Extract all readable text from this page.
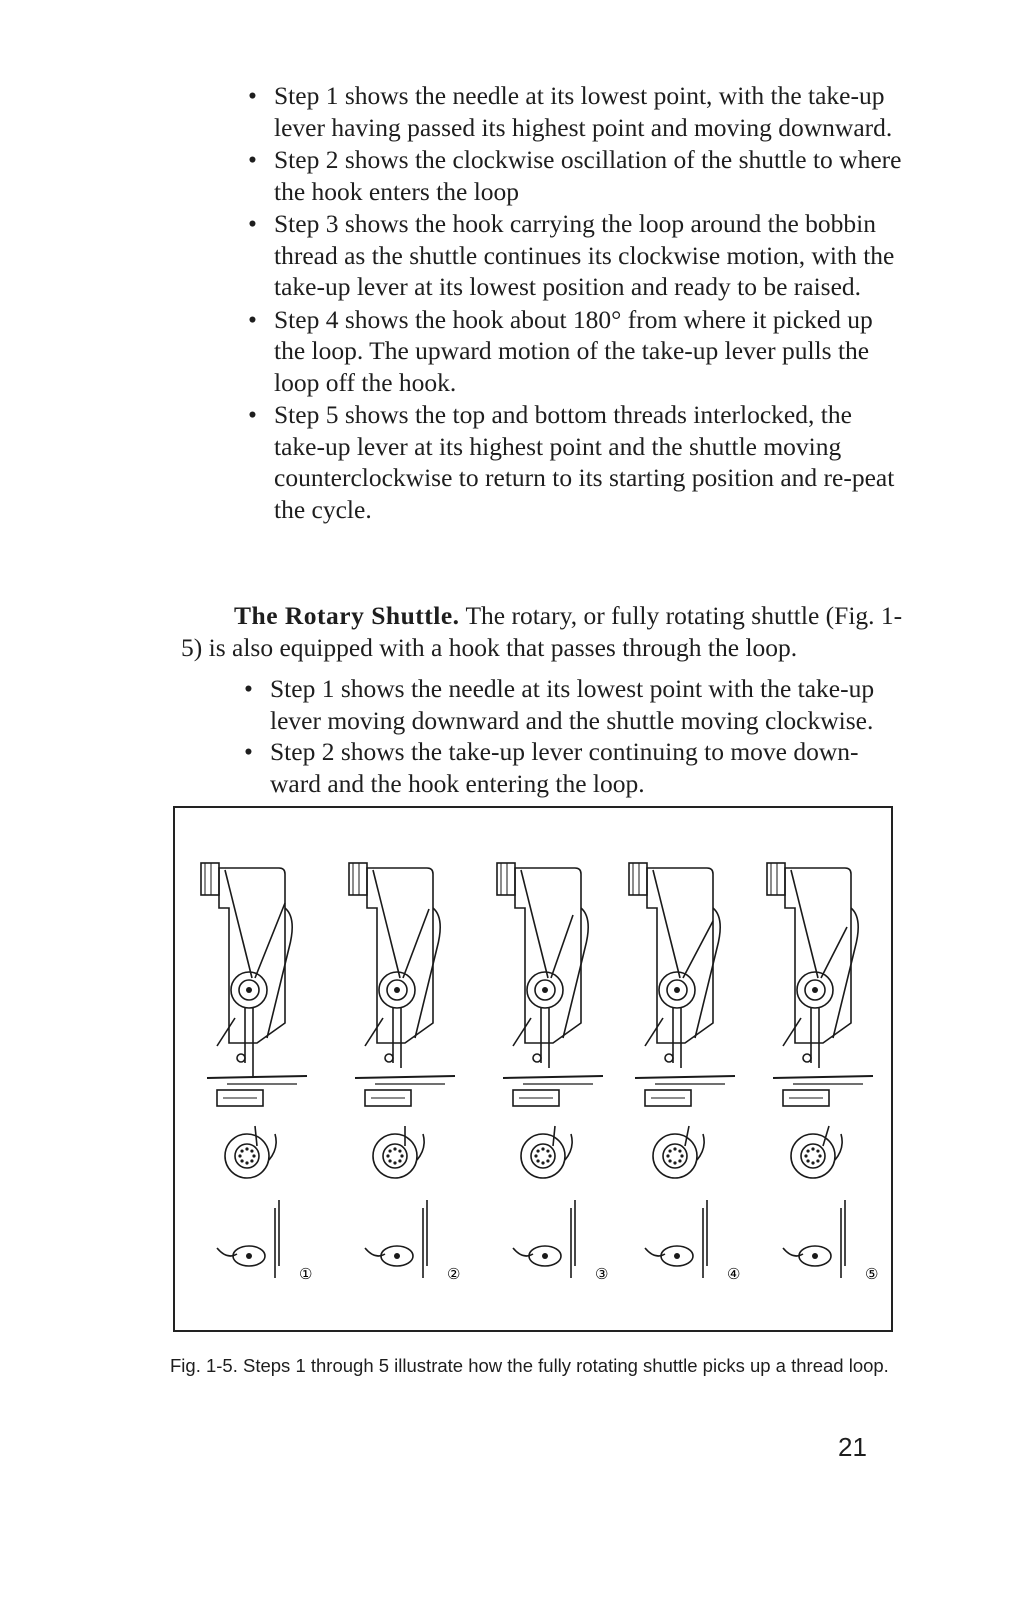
• Step 1 shows the needle at its lowest point, with the take-up lever having passed its highest point and moving downward.
• Step 2 shows the clockwise oscillation of the shuttle to where the hook enters the loop
• Step 3 shows the hook carrying the loop around the bobbin thread as the shuttle continues its clockwise motion, with the take-up lever at its lowest position and ready to be raised.
• Step 4 shows the hook about 180° from where it picked up the loop. The upward motion of the take-up lever pulls the loop off the hook.
• Step 5 shows the top and bottom threads interlocked, the take-up lever at its highest point and the shuttle moving counterclockwise to return to its starting position and re-peat the cycle.

The Rotary Shuttle. The rotary, or fully rotating shuttle (Fig. 1-5) is also equipped with a hook that passes through the loop.

• Step 1 shows the needle at its lowest point with the take-up lever moving downward and the shuttle moving clockwise.
• Step 2 shows the take-up lever continuing to move down-ward and the hook entering the loop.
①	②	③	④	⑤

Fig. 1-5. Steps 1 through 5 illustrate how the fully rotating shuttle picks up a thread loop.

21
